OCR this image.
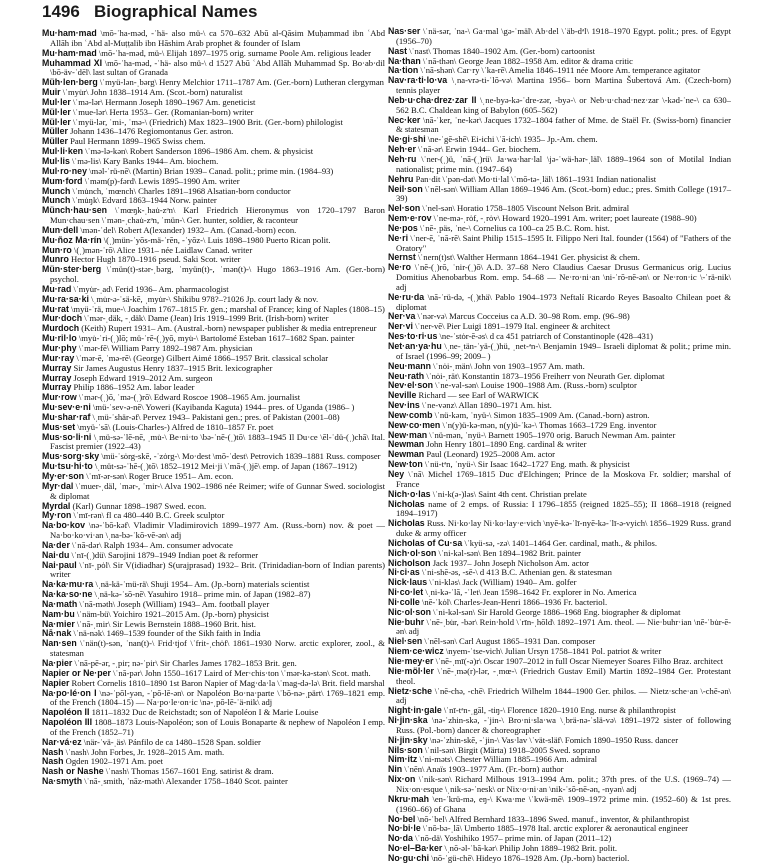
1496 Biographical Names
Mu·ham·mad \mō-ˈha-məd, -ˈhä- also mü-\ ca 570–632 Abū al-Qāsim Muḥammad ibn ʿAbd Allāh ibn ʿAbd al-Muṭṭalib ibn Hāshim Arab prophet & founder of Islam
Mu·ham·mad \mō-ˈha-məd, mü-\ Elijah 1897–1975 orig. surname Poole Am. religious leader
Muhammad XI \mō-ˈha-məd, -ˈhä- also mü-\ d 1527 Abū ʿAbd Allāh Muhammad Sp. Bo·ab·dil \bō-äv-ˈdēl\ last sultan of Granada
Müh·len·berg \ˈmyü-lən-ˌbərg\ Henry Melchior 1711–1787 Am. (Ger.-born) Lutheran clergyman
Muir \ˈmyu̇r\ John 1838–1914 Am. (Scot.-born) naturalist
Mul·ler \ˈmə-lər\ Hermann Joseph 1890–1967 Am. geneticist
Mül·ler \ˈmue-lər\ Herta 1953– Ger. (Romanian-born) writer
Mül·ler \ˈmyü-lər, ˈmi-, ˈmə-\ (Friedrich) Max 1823–1900 Brit. (Ger.-born) philologist
Müller Johann 1436–1476 Regiomontanus Ger. astron.
Müller Paul Hermann 1899–1965 Swiss chem.
Mul·li·ken \ˈmə-lə-kən\ Robert Sanderson 1896–1986 Am. chem. & physicist
Mul·lis \ˈmə-lis\ Kary Banks 1944– Am. biochem.
Mul·ro·ney \məl-ˈrü-nē\ (Martin) Brian 1939– Canad. polit.; prime min. (1984–93)
Mum·ford \ˈməm(p)-fərd\ Lewis 1895–1990 Am. writer
Munch \ˈmu̇nch, ˈmœnch\ Charles 1891–1968 Alsatian-born conductor
Munch \ˈmu̇ŋk\ Edvard 1863–1944 Norw. painter
Münch·hau·sen \ˈmœŋk-ˌhau̇-zᵊn\ Karl Friedrich Hieronymus von 1720–1797 Baron Mun·chau·sen \ˈmən-ˌchau̇-zᵊn, ˈmün-\ Ger. hunter, soldier, & raconteur
Mun·dell \mən-ˈdel\ Robert A(lexander) 1932– Am. (Canad.-born) econ.
Mu·ñoz Ma·rín \(ˌ)mün-ˈyōs-mä-ˈrēn, -ˈyōz-\ Luis 1898–1980 Puerto Rican polit.
Mun·ro \(ˌ)mən-ˈrō\ Alice 1931– née Laidlaw Canad. writer
Munro Hector Hugh 1870–1916 pseud. Saki Scot. writer
Mün·ster·berg \ˈmün(t)-stər-ˌbərg, ˈmyün(t)-, ˈmən(t)-\ Hugo 1863–1916 Am. (Ger.-born) psychol.
Mu·rad \ˈmyu̇r-ˌad\ Ferid 1936– Am. pharmacologist
Mu·ra·sa·ki \ˌmu̇r-ə-ˈsä-kē, ˌmyu̇r-\ Shikibu 978?–?1026 Jp. court lady & nov.
Mu·rat \myü-ˈrä, mue-\ Joachim 1767–1815 Fr. gen.; marshal of France; king of Naples (1808–15)
Mur·doch \ˈmər-ˌdäk, -ˌdäk\ Dame (Jean) Iris 1919–1999 Brit. (Irish-born) writer
Murdoch (Keith) Rupert 1931– Am. (Austral.-born) newspaper publisher & media entrepreneur
Mu·ril·lo \myu̇-ˈri-(ˌ)lō; mü-ˈrē-(ˌ)yō, myu̇-\ Bartolomé Esteban 1617–1682 Span. painter
Mur·phy \ˈmər-fē\ William Parry 1892–1987 Am. physician
Mur·ray \ˈmər-ē, ˈmə-rē\ (George) Gilbert Aimé 1866–1957 Brit. classical scholar
Murray Sir James Augustus Henry 1837–1915 Brit. lexicographer
Murray Joseph Edward 1919–2012 Am. surgeon
Murray Philip 1886–1952 Am. labor leader
Mur·row \ˈmər-(ˌ)ō, ˈmə-(ˌ)rō\ Edward Roscoe 1908–1965 Am. journalist
Mu·sev·e·ni \mü-ˈsev-ə-nē\ Yoweri (Kayibanda Kaguta) 1944– pres. of Uganda (1986– )
Mu·shar·raf \ˌmü-ˈshär-əf\ Pervez 1943– Pakistani gen.; pres. of Pakistan (2001–08)
Mus·set \myü-ˈsā\ (Louis-Charles-) Alfred de 1810–1857 Fr. poet
Mus·so·li·ni \ˌmü-sə-ˈlē-nē, ˌmu̇-\ Be·ni·to \bə-ˈnē-(ˌ)tō\ 1883–1945 Il Du·ce \ēl-ˈdü-(ˌ)chā\ Ital. Fascist premier (1922–43)
Mus·sorg·sky \mü-ˈsȯrg-skē, -ˈzȯrg-\ Mo·dest \mō-ˈdest\ Petrovich 1839–1881 Russ. composer
Mu·tsu·hi·to \ˌmüt-sə-ˈhē-(ˌ)tō\ 1852–1912 Mei·ji \ˈmā-(ˌ)jē\ emp. of Japan (1867–1912)
My·er·son \ˈmī-ər-sən\ Roger Bruce 1951– Am. econ.
Myr·dal \ˈmuer-ˌdäl, ˈmər-, ˈmir-\ Alva 1902–1986 née Reimer; wife of Gunnar Swed. sociologist & diplomat
Myrdal (Karl) Gunnar 1898–1987 Swed. econ.
My·ron \ˈmī-rən\ fl ca 480–440 B.C. Greek sculptor
Na·bo·kov \nə-ˈbō-kəf\ Vladimir Vladimirovich 1899–1977 Am. (Russ.-born) nov. & poet — Na·bo·ko·vi·an \ˌna-bə-ˈkō-vē-ən\ adj
Na·der \ˈnā-dər\ Ralph 1934– Am. consumer advocate
Nai·du \ˈnī-(ˌ)dü\ Sarojini 1879–1949 Indian poet & reformer
Nai·paul \ˈnī-ˌpȯl\ Sir V(idiadhar) S(urajprasad) 1932– Brit. (Trinidadian-born of Indian parents) writer
Na·ka·mu·ra \ˌnä-kä-ˈmü-rä\ Shuji 1954– Am. (Jp.-born) materials scientist
Na·ka·so·ne \ˌnä-kə-ˈsō-nē\ Yasuhiro 1918– prime min. of Japan (1982–87)
Na·math \ˈnā-məth\ Joseph (William) 1943– Am. football player
Nam·bu \ˈnäm-bü\ Yoichiro 1921–2015 Am. (Jp.-born) physicist
Na·mier \ˈnā-ˌmir\ Sir Lewis Bernstein 1888–1960 Brit. hist.
Nā·nak \ˈnä-nək\ 1469–1539 founder of the Sikh faith in India
Nan·sen \ˈnän(t)-sən, ˈnan(t)-\ Frid·tjof \ˈfrit-ˌchȯf\ 1861–1930 Norw. arctic explorer, zool., & statesman
Na·pier \ˈnā-pē-ər, -ˌpir; nə-ˈpir\ Sir Charles James 1782–1853 Brit. gen.
Napier or Ne·per \ˈnā-pər\ John 1550–1617 Laird of Mer·chis·ton \ˈmər-kə-stən\ Scot. math.
Napier Robert Cornelis 1810–1890 1st Baron Napier of Mag·da·la \ˈmag-də-lə\ Brit. field marshal
Na·po·lé·on I \nə-ˈpōl-yən, -ˈpō-lē-ən\ or Napoléon Bo·na·parte \ˈbō-nə-ˌpärt\ 1769–1821 emp. of the French (1804–15) — Na·po·le·on·ic \nə-ˌpō-lē-ˈä-nik\ adj
Napoléon II 1811–1832 Duc de Reichstadt; son of Napoléon I & Marie Louise
Napoléon III 1808–1873 Louis-Napoléon; son of Louis Bonaparte & nephew of Napoléon I emp. of the French (1852–71)
Nar·vá·ez \när-ˈvä-ˌäs\ Pánfilo de ca 1480–1528 Span. soldier
Nash \ˈnash\ John Forbes, Jr. 1928–2015 Am. math.
Nash Ogden 1902–1971 Am. poet
Nash or Nashe \ˈnash\ Thomas 1567–1601 Eng. satirist & dram.
Na·smyth \ˈnā-ˌsmith, ˈnāz-məth\ Alexander 1758–1840 Scot. painter
Nas·ser \ˈnä-sər, ˈna-\ Ga·mal \gə-ˈmäl\ Ab·del \ˈäb-dᵊl\ 1918–1970 Egypt. polit.; pres. of Egypt (1956–70)
Nast \ˈnast\ Thomas 1840–1902 Am. (Ger.-born) cartoonist
Na·than \ˈnā-thən\ George Jean 1882–1958 Am. editor & drama critic
Na·tion \ˈnā-shən\ Car·ry \ˈka-rē\ Amelia 1846–1911 née Moore Am. temperance agitator
Nav·ra·ti·lo·va \ˌna-vrə-ti-ˈlō-və\ Martina 1956– born Martina Šubertová Am. (Czech-born) tennis player
Neb·u·cha·drez·zar II \ˌne-byə-kə-ˈdre-zər, -byə-\ or Neb·u·chad·nez·zar \-kəd-ˈne-\ ca 630–562 B.C. Chaldean king of Babylon (605–562)
Nec·ker \nā-ˈker, ˈne-kər\ Jacques 1732–1804 father of Mme. de Staël Fr. (Swiss-born) financier & statesman
Ne·gi·shi \ne-ˈgē-shē\ Ei-ichi \ˈā-ich\ 1935– Jp.-Am. chem.
Neh·er \ˈnā-ər\ Erwin 1944– Ger. biochem.
Neh·ru \ˈner-(ˌ)ü, ˈnā-(ˌ)rü\ Ja·wa·har·lal \jə-ˈwä-hər-ˌläl\ 1889–1964 son of Motilal Indian nationalist; prime min. (1947–64)
Nehru Pan·dit \ˈpən-dət\ Mo·ti·lal \ˈmō-tə-ˌläl\ 1861–1931 Indian nationalist
Neil·son \ˈnēl-sən\ William Allan 1869–1946 Am. (Scot.-born) educ.; pres. Smith College (1917–39)
Nel·son \ˈnel-sən\ Horatio 1758–1805 Viscount Nelson Brit. admiral
Nem·e·rov \ˈne-mə-ˌrȯf, -ˌrȯv\ Howard 1920–1991 Am. writer; poet laureate (1988–90)
Ne·pos \ˈnē-ˌpäs, ˈne-\ Cornelius ca 100–ca 25 B.C. Rom. hist.
Ne·ri \ˈner-ē, ˈnā-rē\ Saint Philip 1515–1595 It. Filippo Neri Ital. founder (1564) of "Fathers of the Oratory"
Nernst \ˈnern(t)st\ Walther Hermann 1864–1941 Ger. physicist & chem.
Ne·ro \ˈnē-(ˌ)rō, ˈnir-(ˌ)ō\ A.D. 37–68 Nero Claudius Caesar Drusus Germanicus orig. Lucius Domitius Ahenobarbus Rom. emp. 54–68 — Ne·ro·ni·an \ni-ˈrō-nē-ən\ or Ne·ron·ic \-ˈrä-nik\ adj
Ne·ru·da \nā-ˈrü-də, -(ˌ)thä\ Pablo 1904–1973 Neftalí Ricardo Reyes Basoalto Chilean poet & diplomat
Ner·va \ˈnər-və\ Marcus Cocceius ca A.D. 30–98 Rom. emp. (96–98)
Ner·vi \ˈner-vē\ Pier Luigi 1891–1979 Ital. engineer & architect
Nes·to·ri·us \ne-ˈstȯr-ē-əs\ d ca 451 patriarch of Constantinople (428–431)
Net·an·ya·hu \ˌne-ˌtän-ˈyä-(ˌ)hü, ˌnet-ᵊn-\ Benjamin 1949– Israeli diplomat & polit.; prime min. of Israel (1996–99; 2009– )
Neu·mann \ˈnȯi-ˌmän\ John von 1903–1957 Am. math.
Neu·rath \ˈnȯi-ˌrät\ Konstantin 1873–1956 Freiherr von Neurath Ger. diplomat
Nev·el·son \ˈne-vəl-sən\ Louise 1900–1988 Am. (Russ.-born) sculptor
Neville Richard — see Earl of WARWICK
Nev·ins \ˈne-vənz\ Allan 1890–1971 Am. hist.
New·comb \ˈnü-kəm, ˈnyü-\ Simon 1835–1909 Am. (Canad.-born) astron.
New·co·men \ˈn(y)ü-kə-mən, n(y)ü-ˈkə-\ Thomas 1663–1729 Eng. inventor
New·man \ˈnü-mən, ˈnyü-\ Barnett 1905–1970 orig. Baruch Newman Am. painter
Newman John Henry 1801–1890 Eng. cardinal & writer
Newman Paul (Leonard) 1925–2008 Am. actor
New·ton \ˈnü-tᵊn, ˈnyü-\ Sir Isaac 1642–1727 Eng. math. & physicist
Ney \ˈnā\ Michel 1769–1815 Duc d'Elchingen; Prince de la Moskova Fr. soldier; marshal of France
Nich·o·las \ˈni-k(ə-)ləs\ Saint 4th cent. Christian prelate
Nicholas name of 2 emps. of Russia: I 1796–1855 (reigned 1825–55); II 1868–1918 (reigned 1894–1917)
Nicholas Russ. Ni·ko·lay Ni·ko·lay·e·vich \nyē-kə-ˈlī-nyē-kə-ˈlī-ə-vyich\ 1856–1929 Russ. grand duke & army officer
Nicholas of Cu·sa \ˈkyü-sə, -zə\ 1401–1464 Ger. cardinal, math., & philos.
Nich·ol·son \ˈni-kəl-sən\ Ben 1894–1982 Brit. painter
Nicholson Jack 1937– John Joseph Nicholson Am. actor
Ni·ci·as \ˈni-shē-əs, -sē-\ d 413 B.C. Athenian gen. & statesman
Nick·laus \ˈni-kləs\ Jack (William) 1940– Am. golfer
Ni·co·let \ˌni-kə-ˈlā, -ˈlet\ Jean 1598–1642 Fr. explorer in No. America
Ni·colle \nē-ˈkȯl\ Charles-Jean-Henri 1866–1936 Fr. bacteriol.
Nic·ol·son \ˈni-kəl-sən\ Sir Harold George 1886–1968 Eng. biographer & diplomat
Nie·buhr \ˈnē-ˌbu̇r, -bər\ Rein·hold \ˈrīn-ˌhōld\ 1892–1971 Am. theol. — Nie·buhr·ian \nē-ˈbu̇r-ē-ən\ adj
Niel·sen \ˈnēl-sən\ Carl August 1865–1931 Dan. composer
Niem·ce·wicz \nyem-ˈtse-vich\ Julian Ursyn 1758–1841 Pol. patriot & writer
Nie·mey·er \ˈnē-ˌmī(-ə)r\ Oscar 1907–2012 in full Oscar Niemeyer Soares Filho Braz. architect
Nie·möl·ler \ˈnē-ˌmə(r)-lər, -ˌmœ-\ (Friedrich Gustav Emil) Martin 1892–1984 Ger. Protestant theol.
Nietz·sche \ˈnē-chə, -chē\ Friedrich Wilhelm 1844–1900 Ger. philos. — Nietz·sche·an \-chē-ən\ adj
Night·in·gale \ˈnī-tᵊn-ˌgāl, -tiŋ-\ Florence 1820–1910 Eng. nurse & philanthropist
Ni·jin·ska \nə-ˈzhin-skə, -ˈjin-\ Bro·ni·sla·wa \ˌbrä-nə-ˈslä-və\ 1891–1972 sister of following Russ. (Pol.-born) dancer & choreographer
Ni·jin·sky \nə-ˈzhin-skē, -ˈjin-\ Vas·lav \ˈvät-släf\ Fomich 1890–1950 Russ. dancer
Nils·son \ˈnil-sən\ Birgit (Märta) 1918–2005 Swed. soprano
Nim·itz \ˈni-məts\ Chester William 1885–1966 Am. admiral
Nin \ˈnēn\ Anaïs 1903–1977 Am. (Fr.-born) author
Nix·on \ˈnik-sən\ Richard Milhous 1913–1994 Am. polit.; 37th pres. of the U.S. (1969–74) — Nix·on·esque \ˌnik-sə-ˈnesk\ or Nix·o·ni·an \nik-ˈsō-nē-ən, -nyən\ adj
Nkru·mah \en-ˈkrü-mə, eŋ-\ Kwa·me \ˈkwä-mē\ 1909–1972 prime min. (1952–60) & 1st pres. (1960–66) of Ghana
No·bel \nō-ˈbel\ Alfred Bernhard 1833–1896 Swed. manuf., inventor, & philanthropist
No·bi·le \ˈnō-bə-ˌlā\ Umberto 1885–1978 Ital. arctic explorer & aeronautical engineer
No·da \ˈnō-dä\ Yoshihiko 1957– prime min. of Japan (2011–12)
No·el–Ba·ker \ˌnō-əl-ˈbā-kər\ Philip John 1889–1982 Brit. polit.
No·gu·chi \nō-ˈgü-chē\ Hideyo 1876–1928 Am. (Jp.-born) bacteriol.
